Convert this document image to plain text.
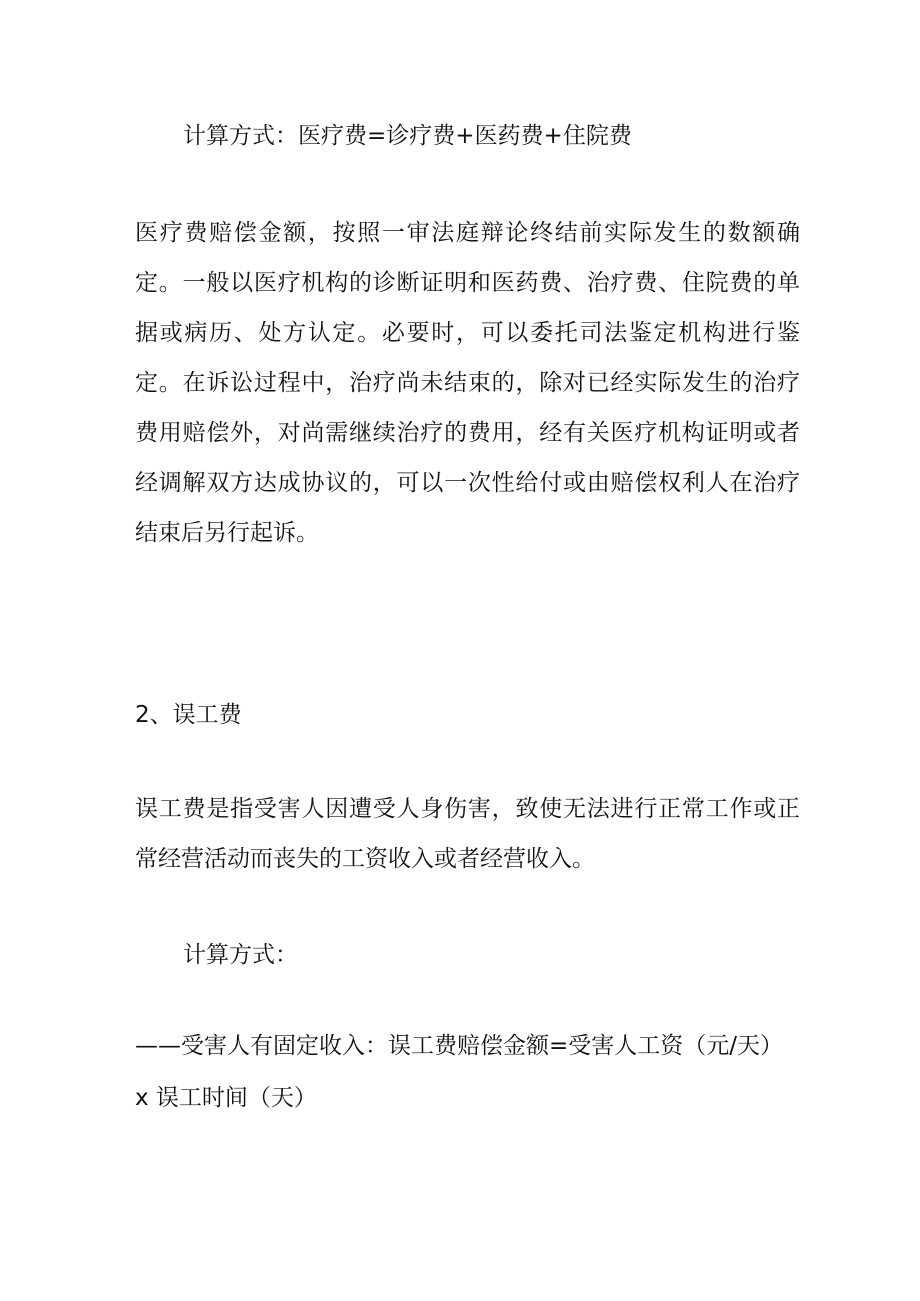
计算方式：医疗费=诊疗费+医药费+住院费

医疗费赔偿金额，按照一审法庭辩论终结前实际发生的数额确定。一般以医疗机构的诊断证明和医药费、治疗费、住院费的单据或病历、处方认定。必要时，可以委托司法鉴定机构进行鉴定。在诉讼过程中，治疗尚未结束的，除对已经实际发生的治疗费用赔偿外，对尚需继续治疗的费用，经有关医疗机构证明或者经调解双方达成协议的，可以一次性给付或由赔偿权利人在治疗结束后另行起诉。

2、误工费

误工费是指受害人因遭受人身伤害，致使无法进行正常工作或正常经营活动而丧失的工资收入或者经营收入。

计算方式：

——受害人有固定收入：误工费赔偿金额=受害人工资（元/天）

x 误工时间（天）
